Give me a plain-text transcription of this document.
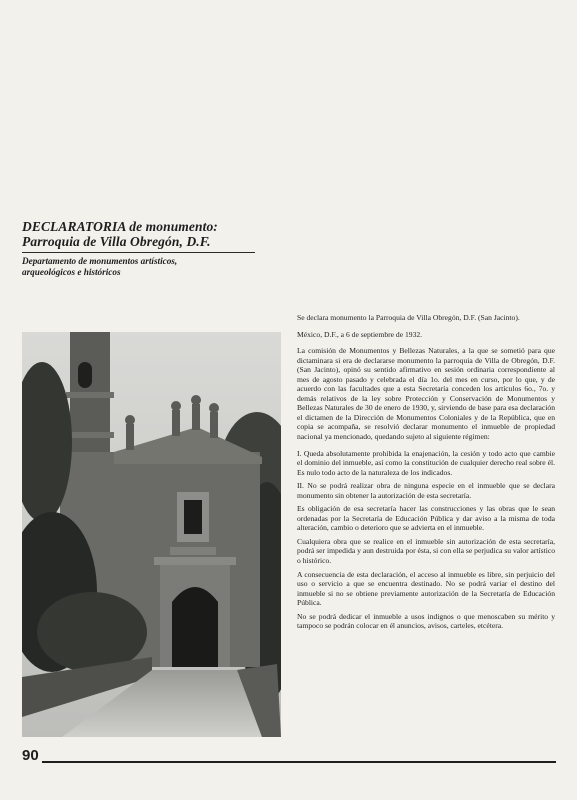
DECLARATORIA de monumento:
Parroquia de Villa Obregón, D.F.
Departamento de monumentos artísticos,
arqueológicos e históricos

Se declara monumento la Parroquia de Villa Obregón, D.F. (San Jacinto).

México, D.F., a 6 de septiembre de 1932.

La comisión de Monumentos y Bellezas Naturales, a la que se sometió para que dictaminara si era de declararse monumento la parroquia de Villa de Obregón, D.F. (San Jacinto), opinó su sentido afirmativo en sesión ordinaria correspondiente al mes de agosto pasado y celebrada el día 1o. del mes en curso, por lo que, y de acuerdo con las facultades que a esta Secretaría conceden los artículos 6o., 7o. y demás relativos de la ley sobre Protección y Conservación de Monumentos y Bellezas Naturales de 30 de enero de 1930, y, sirviendo de base para esa declaración el dictamen de la Dirección de Monumentos Coloniales y de la República, que en copia se acompaña, se resolvió declarar monumento el inmueble de propiedad nacional ya mencionado, quedando sujeto al siguiente régimen:

I. Queda absolutamente prohibida la enajenación, la cesión y todo acto que cambie el dominio del inmueble, así como la constitución de cualquier derecho real sobre él. Es nulo todo acto de la naturaleza de los indicados.

II. No se podrá realizar obra de ninguna especie en el inmueble que se declara monumento sin obtener la autorización de esta secretaría.

Es obligación de esa secretaría hacer las construcciones y las obras que le sean ordenadas por la Secretaría de Educación Pública y dar aviso a la misma de toda alteración, cambio o deterioro que se advierta en el inmueble.

Cualquiera obra que se realice en el inmueble sin autorización de esta secretaría, podrá ser impedida y aun destruida por ésta, si con ella se perjudica su valor artístico o histórico.

A consecuencia de esta declaración, el acceso al inmueble es libre, sin perjuicio del uso o servicio a que se encuentra destinado. No se podrá variar el destino del inmueble si no se obtiene previamente autorización de la Secretaría de Educación Pública.

No se podrá dedicar el inmueble a usos indignos o que menoscaben su mérito y tampoco se podrán colocar en él anuncios, avisos, carteles, etcétera.

90
